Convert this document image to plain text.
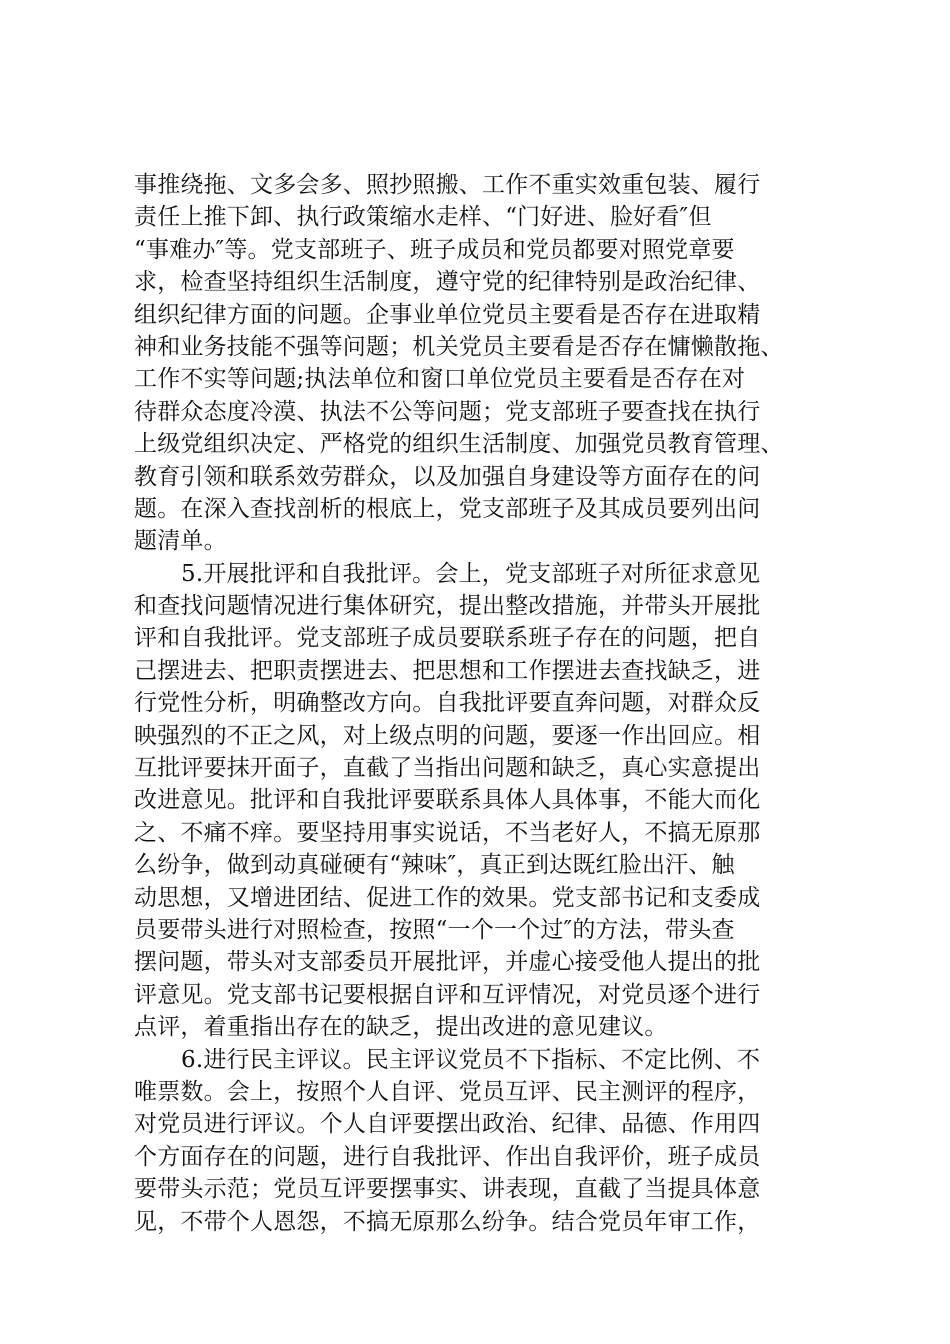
事推绕拖、文多会多、照抄照搬、工作不重实效重包装、履行
责任上推下卸、执行政策缩水走样、“门好进、脸好看″但
“事难办″等。党支部班子、班子成员和党员都要对照党章要
求，检查坚持组织生活制度，遵守党的纪律特别是政治纪律、
组织纪律方面的问题。企事业单位党员主要看是否存在进取精
神和业务技能不强等问题；机关党员主要看是否存在慵懒散拖、
工作不实等问题;执法单位和窗口单位党员主要看是否存在对
待群众态度冷漠、执法不公等问题；党支部班子要查找在执行
上级党组织决定、严格党的组织生活制度、加强党员教育管理、
教育引领和联系效劳群众，以及加强自身建设等方面存在的问
题。在深入查找剖析的根底上，党支部班子及其成员要列出问
题清单。
5.开展批评和自我批评。会上，党支部班子对所征求意见
和查找问题情况进行集体研究，提出整改措施，并带头开展批
评和自我批评。党支部班子成员要联系班子存在的问题，把自
己摆进去、把职责摆进去、把思想和工作摆进去查找缺乏，进
行党性分析，明确整改方向。自我批评要直奔问题，对群众反
映强烈的不正之风，对上级点明的问题，要逐一作出回应。相
互批评要抹开面子，直截了当指出问题和缺乏，真心实意提出
改进意见。批评和自我批评要联系具体人具体事，不能大而化
之、不痛不痒。要坚持用事实说话，不当老好人，不搞无原那
么纷争，做到动真碰硬有“辣味″，真正到达既红脸出汗、触
动思想，又增进团结、促进工作的效果。党支部书记和支委成
员要带头进行对照检查，按照“一个一个过″的方法，带头查
摆问题，带头对支部委员开展批评，并虚心接受他人提出的批
评意见。党支部书记要根据自评和互评情况，对党员逐个进行
点评，着重指出存在的缺乏，提出改进的意见建议。
6.进行民主评议。民主评议党员不下指标、不定比例、不
唯票数。会上，按照个人自评、党员互评、民主测评的程序，
对党员进行评议。个人自评要摆出政治、纪律、品德、作用四
个方面存在的问题，进行自我批评、作出自我评价，班子成员
要带头示范；党员互评要摆事实、讲表现，直截了当提具体意
见，不带个人恩怨，不搞无原那么纷争。结合党员年审工作，
